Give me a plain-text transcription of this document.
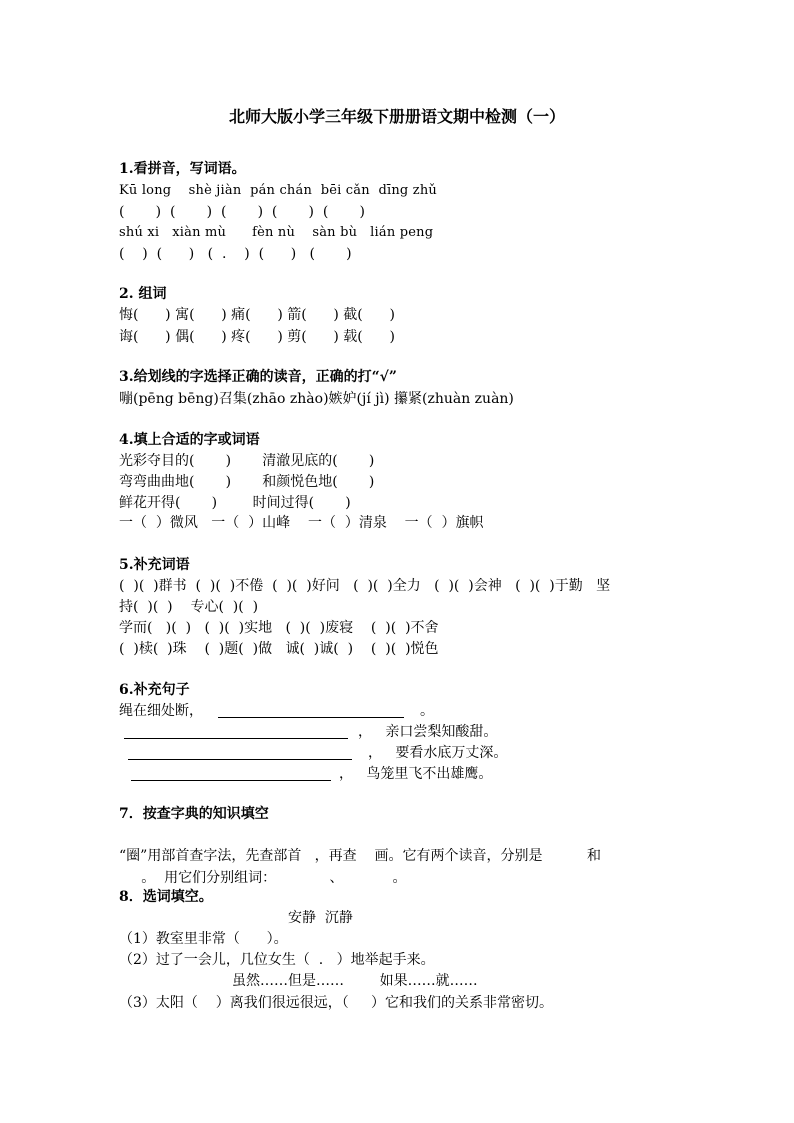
北师大版小学三年级下册册语文期中检测（一）
1.看拼音，写词语。
Kū long    shè jiàn  pán chán  bēi cǎn  dīng zhǔ
(       )  (       )  (       )  (       )  (       )
shú xi   xiàn mù      fèn nù    sàn bù   lián peng
(    )  (      )   (  .    )  (      )   (       )
2. 组词
悔(      ) 寓(      ) 痛(      ) 箭(      ) 截(      )
诲(      ) 偶(      ) 疼(      ) 剪(      ) 载(      )
3.给划线的字选择正确的读音，正确的打“√”
嘣(pēng bēng)召集(zhāo zhào)嫉妒(jí jì) 攥紧(zhuàn zuàn)
4.填上合适的字或词语
光彩夺目的(       )       清澈见底的(       )
弯弯曲曲地(       )       和颜悦色地(       )
鲜花开得(       )        时间过得(       )
一（  ）微风   一（  ）山峰    一（  ）清泉    一（  ）旗帜
5.补充词语
(  )(  )群书  (  )(  )不倦  (  )(  )好问   (  )(  )全力   (  )(  )会神   (  )(  )于勤   坚
持(  )(  )    专心(  )(  )
学而(   )(  )   (  )(  )实地   (  )(  )废寝    (  )(  )不舍
(  )椟(  )珠    (  )题(  )做   诚(  )诚(  )    (  )(  )悦色
6.补充句子
绳在细处断，	。
，   亲口尝梨知酸甜。
，   要看水底万丈深。
，   鸟笼里飞不出雄鹰。
7．按查字典的知识填空
“圈”用部首查字法，先查部首   ，再查    画。它有两个读音，分别是          和
。  用它们分别组词：            、           。
8．选词填空。
安静  沉静
（1）教室里非常（      ）。
（2）过了一会儿，几位女生（  .   ）地举起手来。
虽然……但是……        如果……就……
（3）太阳（    ）离我们很远很远，（     ）它和我们的关系非常密切。
